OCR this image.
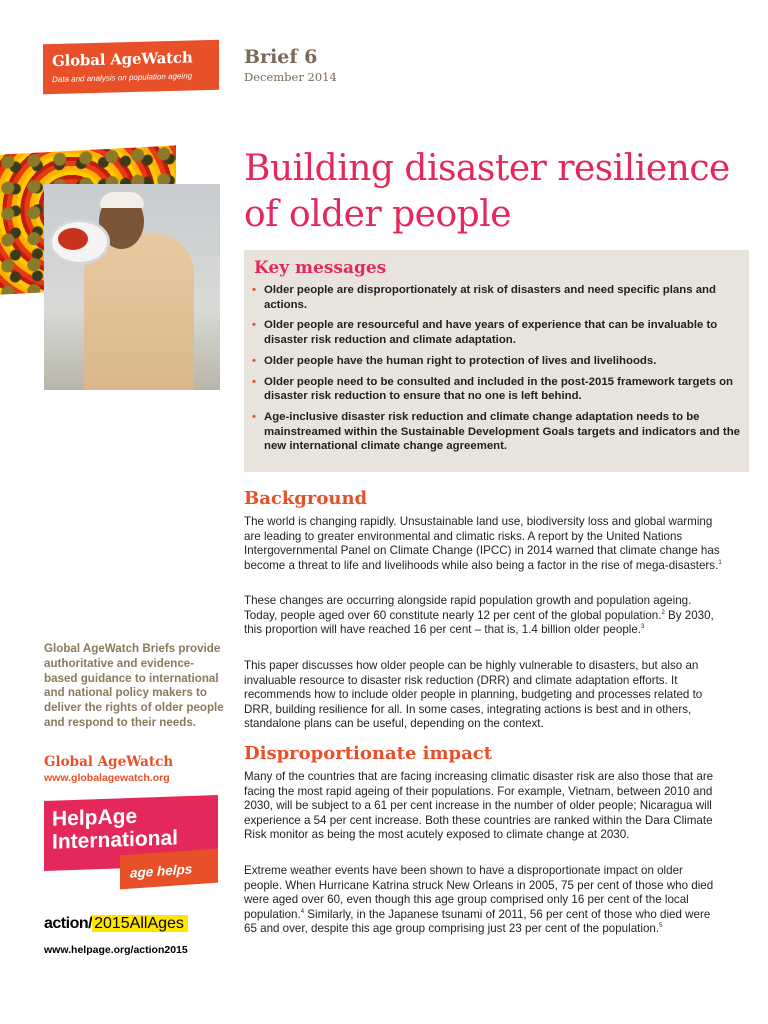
Global AgeWatch
Data and analysis on population ageing
Brief 6
December 2014
Building disaster resilience of older people
Key messages
• Older people are disproportionately at risk of disasters and need specific plans and actions.
• Older people are resourceful and have years of experience that can be invaluable to disaster risk reduction and climate adaptation.
• Older people have the human right to protection of lives and livelihoods.
• Older people need to be consulted and included in the post-2015 framework targets on disaster risk reduction to ensure that no one is left behind.
• Age-inclusive disaster risk reduction and climate change adaptation needs to be mainstreamed within the Sustainable Development Goals targets and indicators and the new international climate change agreement.
Background

The world is changing rapidly. Unsustainable land use, biodiversity loss and global warming are leading to greater environmental and climatic risks. A report by the United Nations Intergovernmental Panel on Climate Change (IPCC) in 2014 warned that climate change has become a threat to life and livelihoods while also being a factor in the rise of mega-disasters.$^1$

These changes are occurring alongside rapid population growth and population ageing. Today, people aged over 60 constitute nearly 12 per cent of the global population.$^2$ By 2030, this proportion will have reached 16 per cent – that is, 1.4 billion older people.$^3$

This paper discusses how older people can be highly vulnerable to disasters, but also an invaluable resource to disaster risk reduction (DRR) and climate adaptation efforts. It recommends how to include older people in planning, budgeting and processes related to DRR, building resilience for all. In some cases, integrating actions is best and in others, standalone plans can be useful, depending on the context.

Disproportionate impact

Many of the countries that are facing increasing climatic disaster risk are also those that are facing the most rapid ageing of their populations. For example, Vietnam, between 2010 and 2030, will be subject to a 61 per cent increase in the number of older people; Nicaragua will experience a 54 per cent increase. Both these countries are ranked within the Dara Climate Risk monitor as being the most acutely exposed to climate change at 2030.

Extreme weather events have been shown to have a disproportionate impact on older people. When Hurricane Katrina struck New Orleans in 2005, 75 per cent of those who died were aged over 60, even though this age group comprised only 16 per cent of the local population.$^4$ Similarly, in the Japanese tsunami of 2011, 56 per cent of those who died were 65 and over, despite this age group comprising just 23 per cent of the population.$^5$

Global AgeWatch Briefs provide authoritative and evidence-based guidance to international and national policy makers to deliver the rights of older people and respond to their needs.

Global AgeWatch
www.globalagewatch.org
HelpAge
International
age helps
action/ 2015AllAges
www.helpage.org/action2015
